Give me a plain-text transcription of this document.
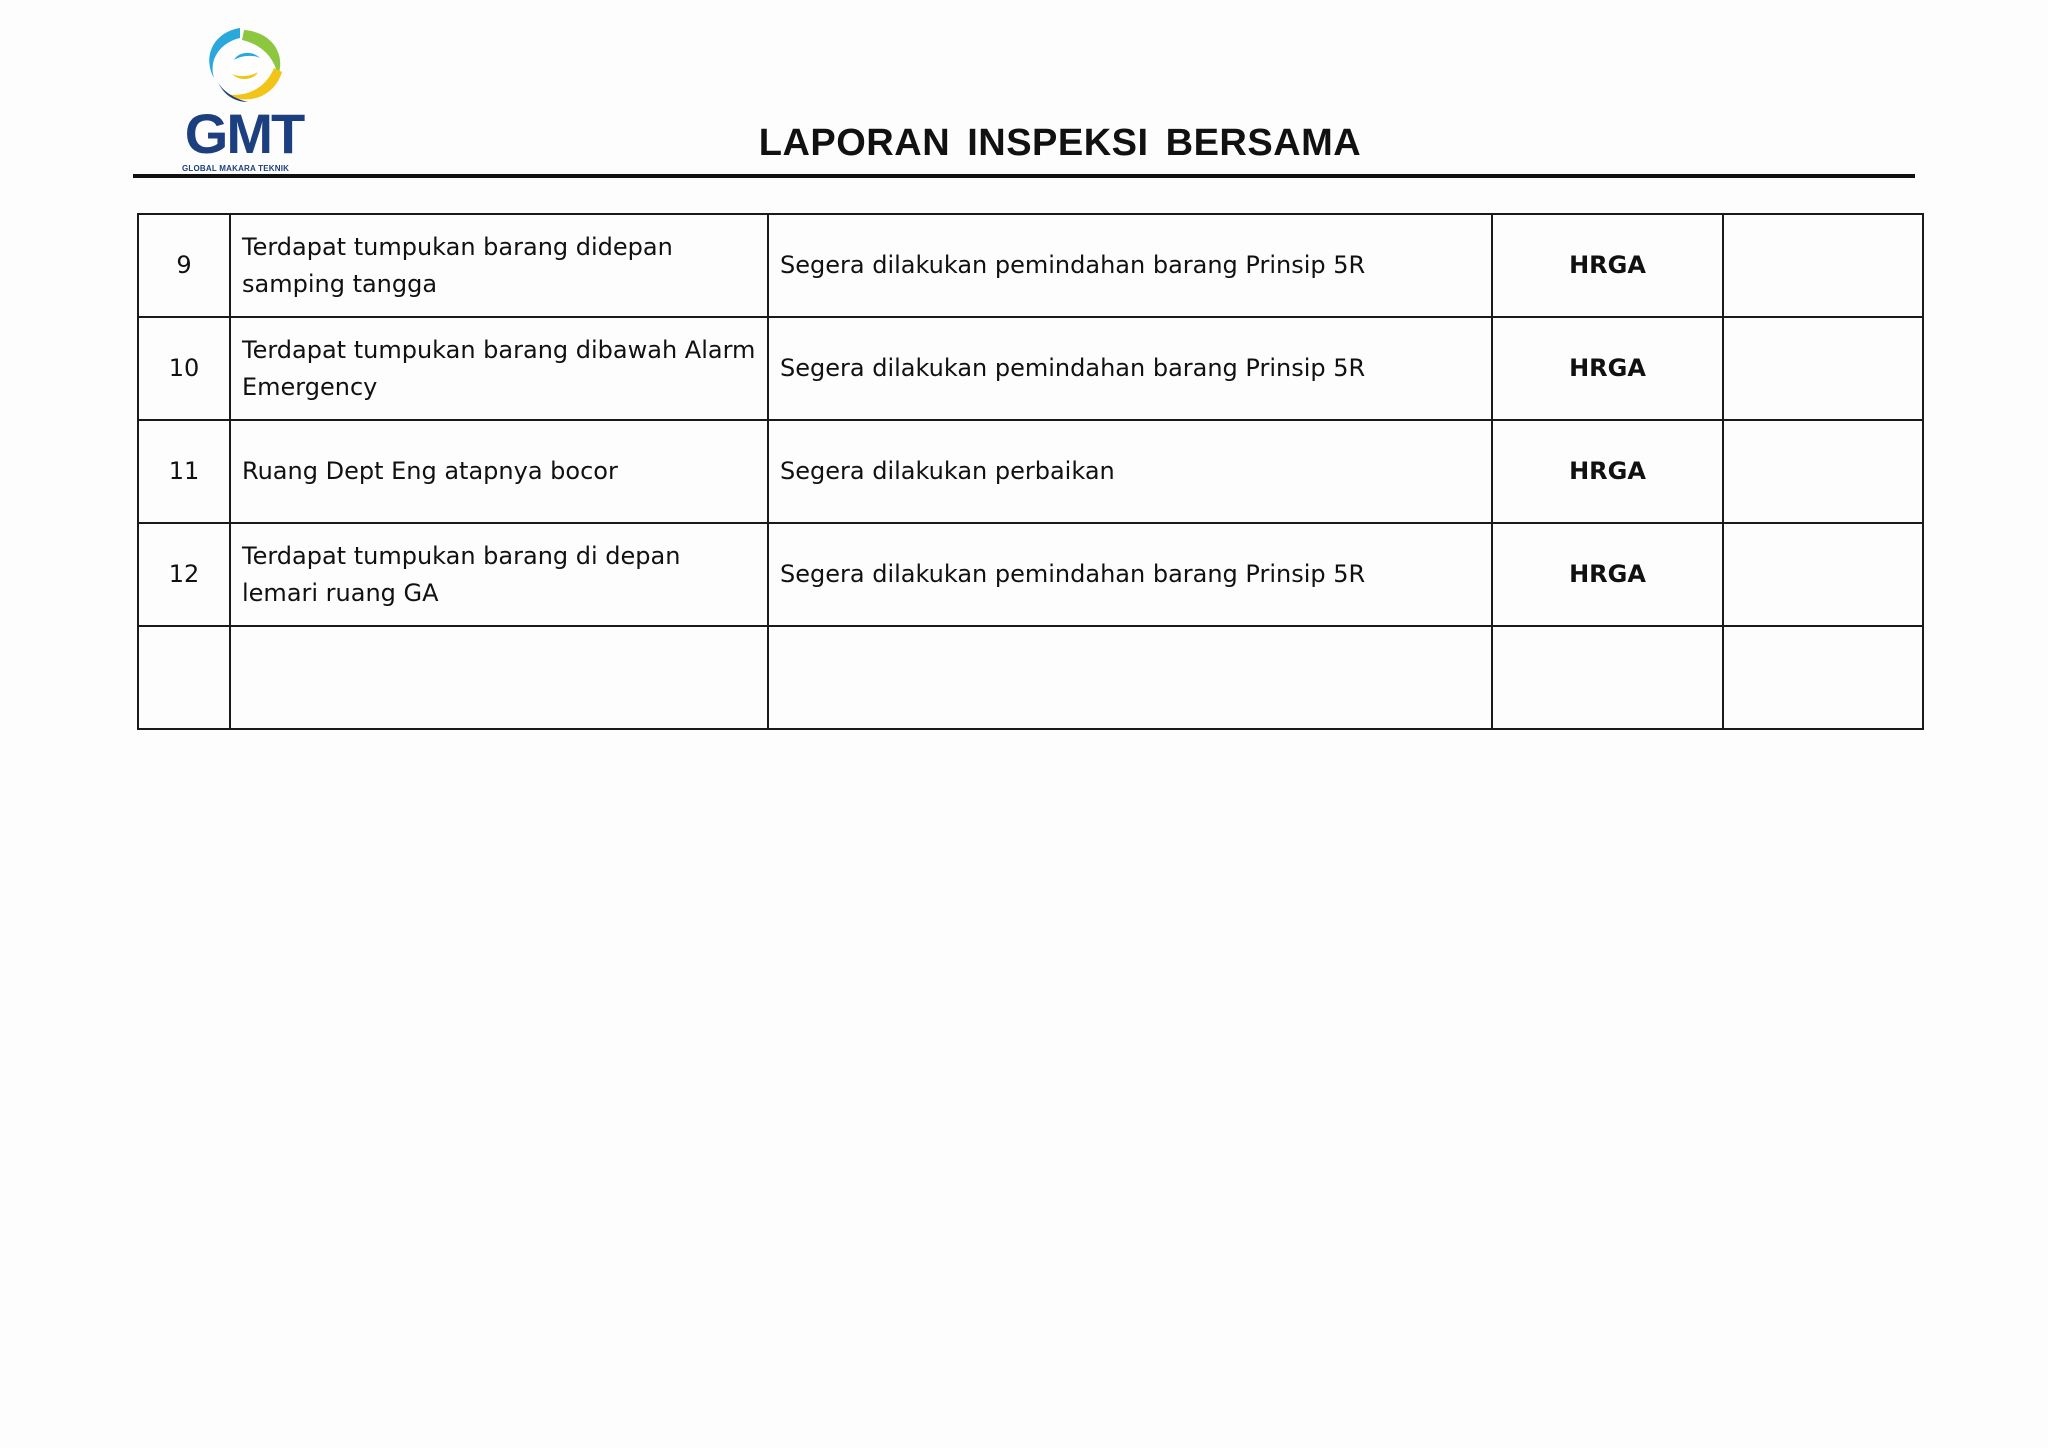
GMT
GLOBAL MAKARA TEKNIK
LAPORAN INSPEKSI BERSAMA
9	Terdapat tumpukan barang didepan samping tangga	Segera dilakukan pemindahan barang Prinsip 5R	HRGA	
10	Terdapat tumpukan barang dibawah Alarm Emergency	Segera dilakukan pemindahan barang Prinsip 5R	HRGA	
11	Ruang Dept Eng atapnya bocor	Segera dilakukan perbaikan	HRGA	
12	Terdapat tumpukan barang di depan lemari ruang GA	Segera dilakukan pemindahan barang Prinsip 5R	HRGA	
